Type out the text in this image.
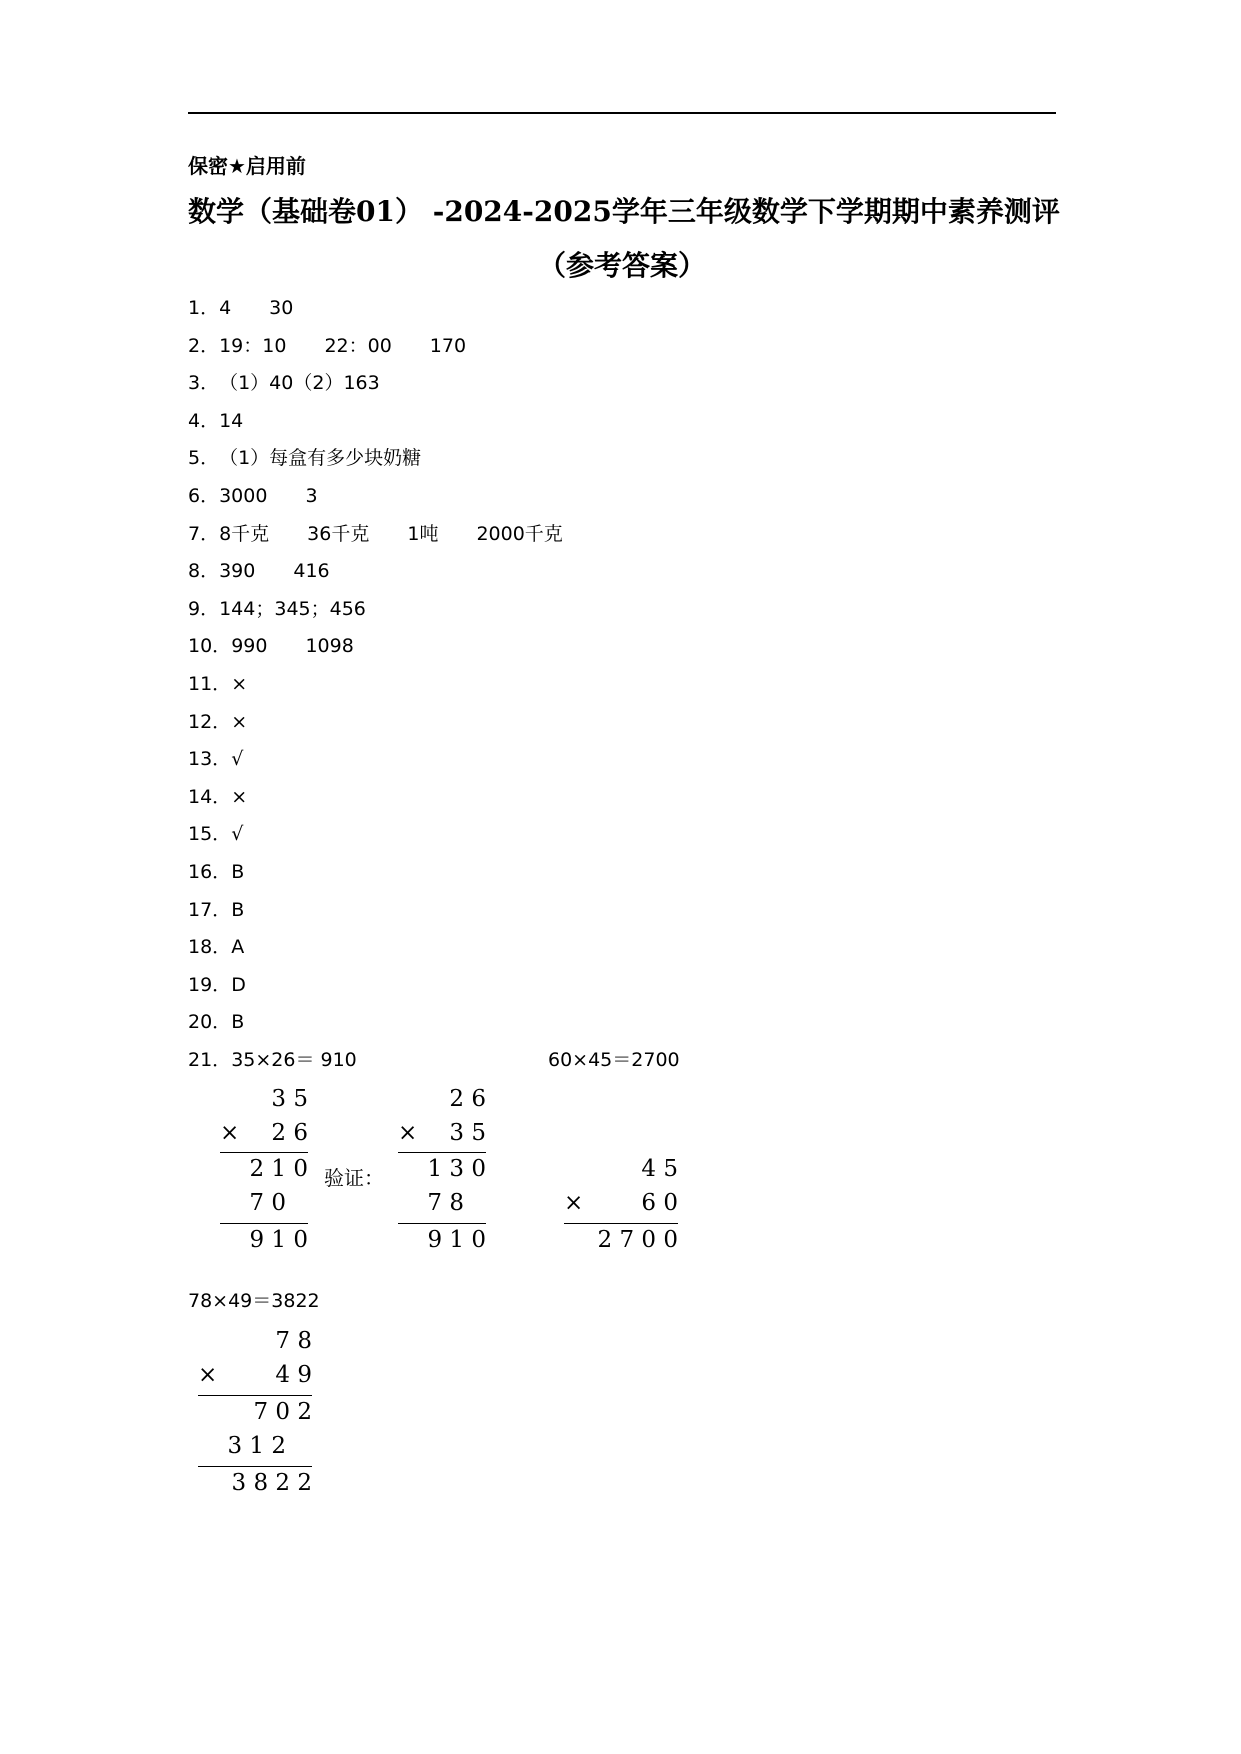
保密★启用前
数学（基础卷01） -2024-2025学年三年级数学下学期期中素养测评
（参考答案）
1．4　　30
2．19：10　　22：00　　170
3．（1）40（2）163
4．14
5．（1）每盒有多少块奶糖
6．3000　　3
7．8千克　　36千克　　1吨　　2000千克
8．390　　416
9．144；345；456
10．990　　1098
11．×
12．×
13．√
14．×
15．√
16．B
17．B
18．A
19．D
20．B
21．35×26＝ 910	60×45＝2700
3 5
× 2 6
2 1 0
7 0
9 1 0
验证：
2 6
× 3 5
1 3 0
7 8
9 1 0
4 5
×	6 0
2 7 0 0
78×49＝3822
7 8
×	4 9
7 0 2
3 1 2
3 8 2 2
